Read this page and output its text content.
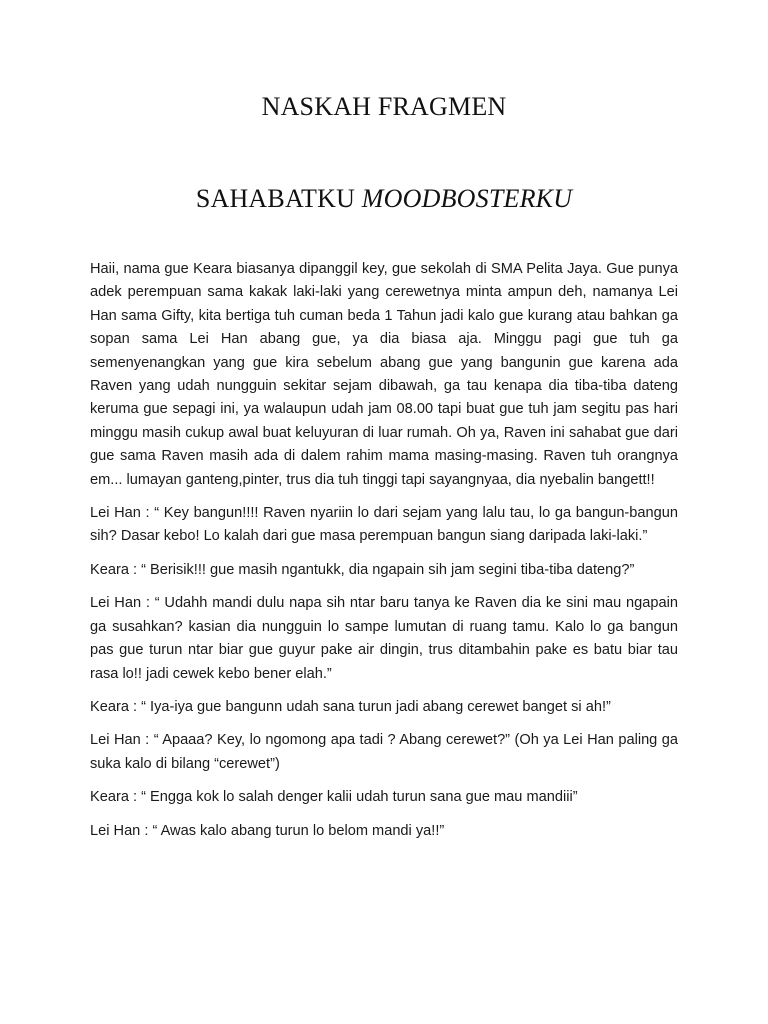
NASKAH FRAGMEN
SAHABATKU MOODBOSTERKU

Haii, nama gue Keara biasanya dipanggil key, gue sekolah di SMA Pelita Jaya. Gue punya adek perempuan sama kakak laki-laki yang cerewetnya minta ampun deh, namanya Lei Han sama Gifty, kita bertiga tuh cuman beda 1 Tahun jadi kalo gue kurang atau bahkan ga sopan sama Lei Han abang gue, ya dia biasa aja. Minggu pagi gue tuh ga semenyenangkan yang gue kira sebelum abang gue yang bangunin gue karena ada Raven yang udah nungguin sekitar sejam dibawah, ga tau kenapa dia tiba-tiba dateng keruma gue sepagi ini, ya walaupun udah jam 08.00 tapi buat gue tuh jam segitu pas hari minggu masih cukup awal buat keluyuran di luar rumah. Oh ya, Raven ini sahabat gue dari gue sama Raven masih ada di dalem rahim mama masing-masing. Raven tuh orangnya em... lumayan ganteng,pinter, trus dia tuh tinggi tapi sayangnyaa, dia nyebalin bangett!!

Lei Han : “ Key bangun!!!! Raven nyariin lo dari sejam yang lalu tau, lo ga bangun-bangun sih? Dasar kebo! Lo kalah dari gue masa perempuan bangun siang daripada laki-laki.”

Keara : “ Berisik!!! gue masih ngantukk, dia ngapain sih jam segini tiba-tiba dateng?”

Lei Han : “ Udahh mandi dulu napa sih ntar baru tanya ke Raven dia ke sini mau ngapain ga susahkan? kasian dia nungguin lo sampe lumutan di ruang tamu. Kalo lo ga bangun pas gue turun ntar biar gue guyur pake air dingin, trus ditambahin pake es batu biar tau rasa lo!! jadi cewek kebo bener elah.”

Keara : “ Iya-iya gue bangunn udah sana turun jadi abang cerewet banget si ah!”

Lei Han : “ Apaaa? Key, lo ngomong apa tadi ? Abang cerewet?” (Oh ya Lei Han paling ga suka kalo di bilang “cerewet”)

Keara : “ Engga kok lo salah denger kalii udah turun sana gue mau mandiii”

Lei Han : “ Awas kalo abang turun lo belom mandi ya!!”
